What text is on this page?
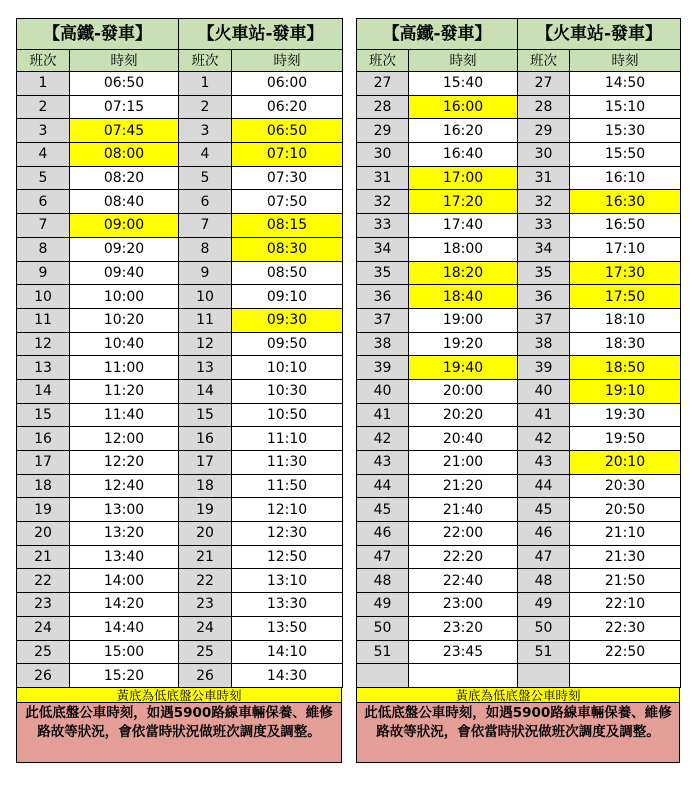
【高鐵-發車】		【火車站-發車】	
班次	時刻	班次	時刻
1	06:50	1	06:00
2	07:15	2	06:20
3	07:45	3	06:50
4	08:00	4	07:10
5	08:20	5	07:30
6	08:40	6	07:50
7	09:00	7	08:15
8	09:20	8	08:30
9	09:40	9	08:50
10	10:00	10	09:10
11	10:20	11	09:30
12	10:40	12	09:50
13	11:00	13	10:10
14	11:20	14	10:30
15	11:40	15	10:50
16	12:00	16	11:10
17	12:20	17	11:30
18	12:40	18	11:50
19	13:00	19	12:10
20	13:20	20	12:30
21	13:40	21	12:50
22	14:00	22	13:10
23	14:20	23	13:30
24	14:40	24	13:50
25	15:00	25	14:10
26	15:20	26	14:30
黃底為低底盤公車時刻
此低底盤公車時刻，如遇5900路線車輛保養、維修路故等狀況，會依當時狀況做班次調度及調整。
【高鐵-發車】		【火車站-發車】	
班次	時刻	班次	時刻
27	15:40	27	14:50
28	16:00	28	15:10
29	16:20	29	15:30
30	16:40	30	15:50
31	17:00	31	16:10
32	17:20	32	16:30
33	17:40	33	16:50
34	18:00	34	17:10
35	18:20	35	17:30
36	18:40	36	17:50
37	19:00	37	18:10
38	19:20	38	18:30
39	19:40	39	18:50
40	20:00	40	19:10
41	20:20	41	19:30
42	20:40	42	19:50
43	21:00	43	20:10
44	21:20	44	20:30
45	21:40	45	20:50
46	22:00	46	21:10
47	22:20	47	21:30
48	22:40	48	21:50
49	23:00	49	22:10
50	23:20	50	22:30
51	23:45	51	22:50

黃底為低底盤公車時刻
此低底盤公車時刻，如遇5900路線車輛保養、維修路故等狀況，會依當時狀況做班次調度及調整。
